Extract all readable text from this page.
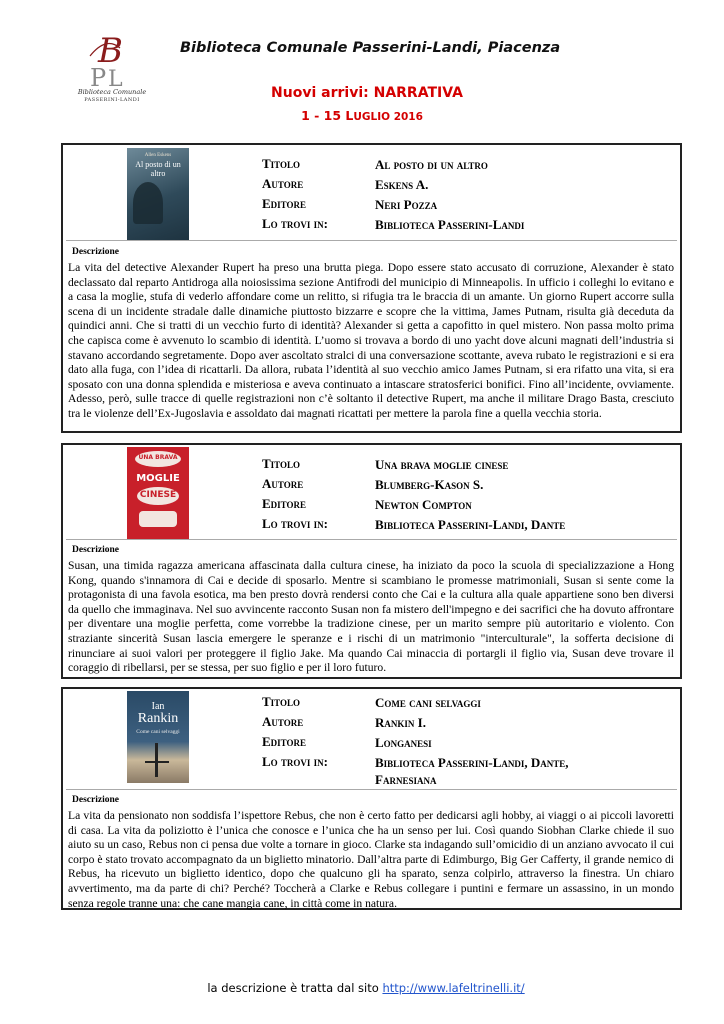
B
P L
Biblioteca Comunale
PASSERINI-LANDI
Biblioteca Comunale Passerini-Landi, Piacenza
Nuovi arrivi: NARRATIVA
1 - 15 LUGLIO 2016
Allen Eskens
Al posto di un altro
Titolo	Al posto di un altro
Autore	Eskens A.
Editore	Neri Pozza
Lo trovi in:	Biblioteca Passerini-Landi
Descrizione

La vita del detective Alexander Rupert ha preso una brutta piega. Dopo essere stato accusato di corruzione, Alexander è stato declassato dal reparto Antidroga alla noiosissima sezione Antifrodi del municipio di Minneapolis. In ufficio i colleghi lo evitano e a casa la moglie, stufa di vederlo affondare come un relitto, si rifugia tra le braccia di un amante. Un giorno Rupert accorre sulla scena di un incidente stradale dalle dinamiche piuttosto bizzarre e scopre che la vittima, James Putnam, risulta già deceduta da quindici anni. Che si tratti di un vecchio furto di identità? Alexander si getta a capofitto in quel mistero. Non passa molto prima che capisca come è avvenuto lo scambio di identità. L’uomo si trovava a bordo di uno yacht dove alcuni magnati dell’industria si stavano accordando segretamente. Dopo aver ascoltato stralci di una conversazione scottante, aveva rubato le registrazioni e si era dato alla fuga, con l’idea di ricattarli. Da allora, rubata l’identità al suo vecchio amico James Putnam, si era rifatto una vita, si era sposato con una donna splendida e misteriosa e aveva continuato a intascare stratosferici bonifici. Fino all’incidente, ovviamente. Adesso, però, sulle tracce di quelle registrazioni non c’è soltanto il detective Rupert, ma anche il militare Drago Basta, cresciuto tra le violenze dell’Ex-Jugoslavia e assoldato dai magnati ricattati per mettere la parola fine a quella vecchia storia.

UNA BRAVA
MOGLIE
CINESE
Titolo	Una brava moglie cinese
Autore	Blumberg-Kason S.
Editore	Newton Compton
Lo trovi in:	Biblioteca Passerini-Landi, Dante
Descrizione

Susan, una timida ragazza americana affascinata dalla cultura cinese, ha iniziato da poco la scuola di specializzazione a Hong Kong, quando s'innamora di Cai e decide di sposarlo. Mentre si scambiano le promesse matrimoniali, Susan si sente come la protagonista di una favola esotica, ma ben presto dovrà rendersi conto che Cai e la cultura alla quale appartiene sono ben diversi da quello che immaginava. Nel suo avvincente racconto Susan non fa mistero dell'impegno e dei sacrifici che ha dovuto affrontare per diventare una moglie perfetta, come vorrebbe la tradizione cinese, per un marito sempre più autoritario e violento. Con straziante sincerità Susan lascia emergere le speranze e i rischi di un matrimonio "interculturale", la sofferta decisione di rinunciare ai suoi valori per proteggere il figlio Jake. Ma quando Cai minaccia di portargli il figlio via, Susan deve trovare il coraggio di ribellarsi, per se stessa, per suo figlio e per il loro futuro.

Ian
Rankin
Come cani selvaggi
Titolo	Come cani selvaggi
Autore	Rankin I.
Editore	Longanesi
Lo trovi in:	Biblioteca Passerini-Landi, Dante,
Farnesiana
Descrizione

La vita da pensionato non soddisfa l’ispettore Rebus, che non è certo fatto per dedicarsi agli hobby, ai viaggi o ai piccoli lavoretti di casa. La vita da poliziotto è l’unica che conosce e l’unica che ha un senso per lui. Così quando Siobhan Clarke chiede il suo aiuto su un caso, Rebus non ci pensa due volte a tornare in gioco. Clarke sta indagando sull’omicidio di un anziano avvocato il cui corpo è stato trovato accompagnato da un biglietto minatorio. Dall’altra parte di Edimburgo, Big Ger Cafferty, il grande nemico di Rebus, ha ricevuto un biglietto identico, dopo che qualcuno gli ha sparato, senza colpirlo, attraverso la finestra. Un chiaro avvertimento, ma da parte di chi? Perché? Toccherà a Clarke e Rebus collegare i puntini e fermare un assassino, in un mondo senza regole tranne una: che cane mangia cane, in città come in natura.

la descrizione è tratta dal sito http://www.lafeltrinelli.it/
